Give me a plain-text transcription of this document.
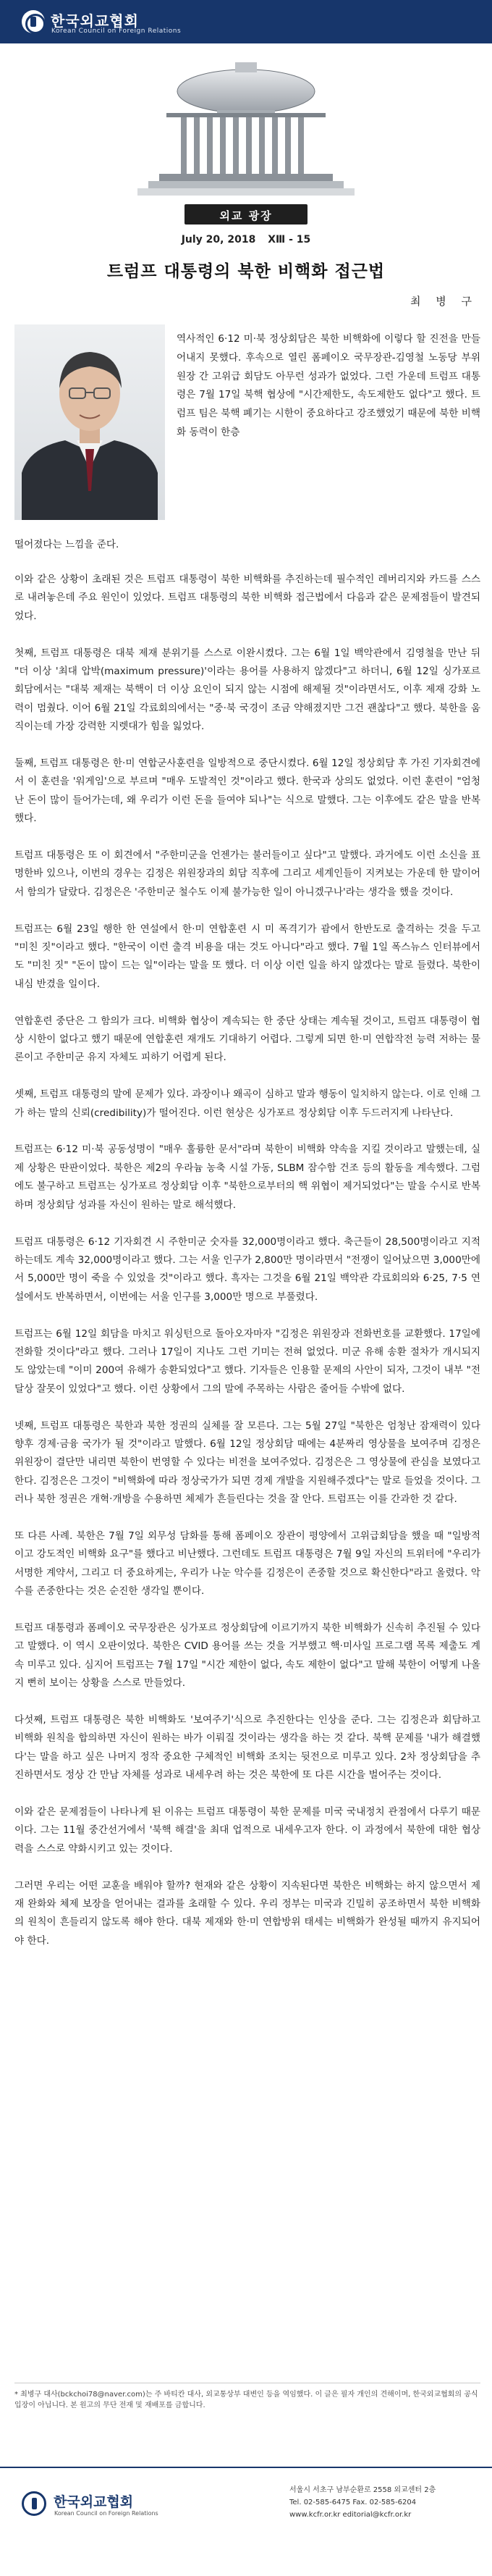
한국외교협회
Korean Council on Foreign Relations
외교 광장
July 20, 2018 XⅢ - 15
트럼프 대통령의 북한 비핵화 접근법
최 병 구
역사적인 6·12 미·북 정상회담은 북한 비핵화에 이렇다 할 진전을 만들어내지 못했다. 후속으로 열린 폼페이오 국무장관-김영철 노동당 부위원장 간 고위급 회담도 아무런 성과가 없었다. 그런 가운데 트럼프 대통령은 7월 17일 북핵 협상에 "시간제한도, 속도제한도 없다"고 했다. 트럼프 팀은 북핵 폐기는 시한이 중요하다고 강조했었기 때문에 북한 비핵화 동력이 한층
떨어졌다는 느낌을 준다.

이와 같은 상황이 초래된 것은 트럼프 대통령이 북한 비핵화를 추진하는데 필수적인 레버리지와 카드를 스스로 내려놓은데 주요 원인이 있었다. 트럼프 대통령의 북한 비핵화 접근법에서 다음과 같은 문제점들이 발견되었다.

첫째, 트럼프 대통령은 대북 제재 분위기를 스스로 이완시켰다. 그는 6월 1일 백악관에서 김영철을 만난 뒤 "더 이상 '최대 압박(maximum pressure)'이라는 용어를 사용하지 않겠다"고 하더니, 6월 12일 싱가포르 회담에서는 "대북 제재는 북핵이 더 이상 요인이 되지 않는 시점에 해제될 것"이라면서도, 이후 제재 강화 노력이 멈췄다. 이어 6월 21일 각료회의에서는 "중·북 국경이 조금 약해졌지만 그건 괜찮다"고 했다. 북한을 움직이는데 가장 강력한 지렛대가 힘을 잃었다.

둘째, 트럼프 대통령은 한·미 연합군사훈련을 일방적으로 중단시켰다. 6월 12일 정상회담 후 가진 기자회견에서 이 훈련을 '워게임'으로 부르며 "매우 도발적인 것"이라고 했다. 한국과 상의도 없었다. 이런 훈련이 "엄청난 돈이 많이 들어가는데, 왜 우리가 이런 돈을 들여야 되나"는 식으로 말했다. 그는 이후에도 같은 말을 반복했다.

트럼프 대통령은 또 이 회견에서 "주한미군을 언젠가는 불러들이고 싶다"고 말했다. 과거에도 이런 소신을 표명한바 있으나, 이번의 경우는 김정은 위원장과의 회담 직후에 그리고 세계인들이 지켜보는 가운데 한 말이어서 함의가 달랐다. 김정은은 '주한미군 철수도 이제 불가능한 일이 아니겠구나'라는 생각을 했을 것이다.

트럼프는 6월 23일 행한 한 연설에서 한·미 연합훈련 시 미 폭격기가 괌에서 한반도로 출격하는 것을 두고 "미친 짓"이라고 했다. "한국이 이런 출격 비용을 대는 것도 아니다"라고 했다. 7월 1일 폭스뉴스 인터뷰에서도 "미친 짓" "돈이 많이 드는 일"이라는 말을 또 했다. 더 이상 이런 일을 하지 않겠다는 말로 들렸다. 북한이 내심 반겼을 일이다.

연합훈련 중단은 그 함의가 크다. 비핵화 협상이 계속되는 한 중단 상태는 계속될 것이고, 트럼프 대통령이 협상 시한이 없다고 했기 때문에 연합훈련 재개도 기대하기 어렵다. 그렇게 되면 한·미 연합작전 능력 저하는 물론이고 주한미군 유지 자체도 피하기 어렵게 된다.

셋째, 트럼프 대통령의 말에 문제가 있다. 과장이나 왜곡이 심하고 말과 행동이 일치하지 않는다. 이로 인해 그가 하는 말의 신뢰(credibility)가 떨어진다. 이런 현상은 싱가포르 정상회담 이후 두드러지게 나타난다.

트럼프는 6·12 미·북 공동성명이 "매우 훌륭한 문서"라며 북한이 비핵화 약속을 지킬 것이라고 말했는데, 실제 상황은 딴판이었다. 북한은 제2의 우라늄 농축 시설 가동, SLBM 잠수함 건조 등의 활동을 계속했다. 그럼에도 불구하고 트럼프는 싱가포르 정상회담 이후 "북한으로부터의 핵 위협이 제거되었다"는 말을 수시로 반복하며 정상회담 성과를 자신이 원하는 말로 해석했다.

트럼프 대통령은 6·12 기자회견 시 주한미군 숫자를 32,000명이라고 했다. 축근들이 28,500명이라고 지적하는데도 계속 32,000명이라고 했다. 그는 서울 인구가 2,800만 명이라면서 "전쟁이 일어났으면 3,000만에서 5,000만 명이 죽을 수 있었을 것"이라고 했다. 흑자는 그것을 6월 21일 백악관 각료회의와 6·25, 7·5 연설에서도 반복하면서, 이번에는 서울 인구를 3,000만 명으로 부풀렸다.

트럼프는 6월 12일 회담을 마치고 워싱턴으로 돌아오자마자 "김정은 위원장과 전화번호를 교환했다. 17일에 전화할 것이다"라고 했다. 그러나 17일이 지나도 그런 기미는 전혀 없었다. 미군 유해 송환 절차가 개시되지도 않았는데 "이미 200여 유해가 송환되었다"고 했다. 기자들은 인용할 문제의 사안이 되자, 그것이 내부 "전달상 잘못이 있었다"고 했다. 이런 상황에서 그의 말에 주목하는 사람은 줄어들 수밖에 없다.

넷째, 트럼프 대통령은 북한과 북한 정권의 실체를 잘 모른다. 그는 5월 27일 "북한은 엄청난 잠재력이 있다 향후 경제·금융 국가가 될 것"이라고 말했다. 6월 12일 정상회담 때에는 4분짜리 영상물을 보여주며 김정은 위원장이 결단만 내리면 북한이 번영할 수 있다는 비전을 보여주었다. 김정은은 그 영상물에 관심을 보였다고 한다. 김정은은 그것이 "비핵화에 따라 정상국가가 되면 경제 개발을 지원해주겠다"는 말로 들었을 것이다. 그러나 북한 정권은 개혁·개방을 수용하면 체제가 흔들린다는 것을 잘 안다. 트럼프는 이를 간과한 것 같다.

또 다른 사례. 북한은 7월 7일 외무성 담화를 통해 폼페이오 장관이 평양에서 고위급회담을 했을 때 "일방적이고 강도적인 비핵화 요구"를 했다고 비난했다. 그런데도 트럼프 대통령은 7월 9일 자신의 트위터에 "우리가 서명한 계약서, 그리고 더 중요하게는, 우리가 나눈 악수를 김정은이 존중할 것으로 확신한다"라고 올렸다. 악수를 존중한다는 것은 순진한 생각일 뿐이다.

트럼프 대통령과 폼페이오 국무장관은 싱가포르 정상회담에 이르기까지 북한 비핵화가 신속히 추진될 수 있다고 말했다. 이 역시 오판이었다. 북한은 CVID 용어를 쓰는 것을 거부했고 핵·미사일 프로그램 목록 제출도 계속 미루고 있다. 심지어 트럼프는 7월 17일 "시간 제한이 없다, 속도 제한이 없다"고 말해 북한이 어떻게 나올지 뻔히 보이는 상황을 스스로 만들었다.

다섯째, 트럼프 대통령은 북한 비핵화도 '보여주기'식으로 추진한다는 인상을 준다. 그는 김정은과 회담하고 비핵화 원칙을 합의하면 자신이 원하는 바가 이뤄질 것이라는 생각을 하는 것 같다. 북핵 문제를 '내가 해결했다'는 말을 하고 싶은 나머지 정작 중요한 구체적인 비핵화 조치는 뒷전으로 미루고 있다. 2차 정상회담을 추진하면서도 정상 간 만남 자체를 성과로 내세우려 하는 것은 북한에 또 다른 시간을 벌어주는 것이다.

이와 같은 문제점들이 나타나게 된 이유는 트럼프 대통령이 북한 문제를 미국 국내정치 관점에서 다루기 때문이다. 그는 11월 중간선거에서 '북핵 해결'을 최대 업적으로 내세우고자 한다. 이 과정에서 북한에 대한 협상력을 스스로 약화시키고 있는 것이다.

그러면 우리는 어떤 교훈을 배워야 할까? 현재와 같은 상황이 지속된다면 북한은 비핵화는 하지 않으면서 제재 완화와 체제 보장을 얻어내는 결과를 초래할 수 있다. 우리 정부는 미국과 긴밀히 공조하면서 북한 비핵화의 원칙이 흔들리지 않도록 해야 한다. 대북 제재와 한·미 연합방위 태세는 비핵화가 완성될 때까지 유지되어야 한다.

* 최병구 대사(bckchoi78@naver.com)는 주 바티칸 대사, 외교통상부 대변인 등을 역임했다. 이 글은 필자 개인의 견해이며, 한국외교협회의 공식 입장이 아닙니다. 본 원고의 무단 전재 및 재배포를 금합니다.
한국외교협회
Korean Council on Foreign Relations
서울시 서초구 남부순환로 2558 외교센터 2층
Tel. 02-585-6475 Fax. 02-585-6204
www.kcfr.or.kr editorial@kcfr.or.kr
